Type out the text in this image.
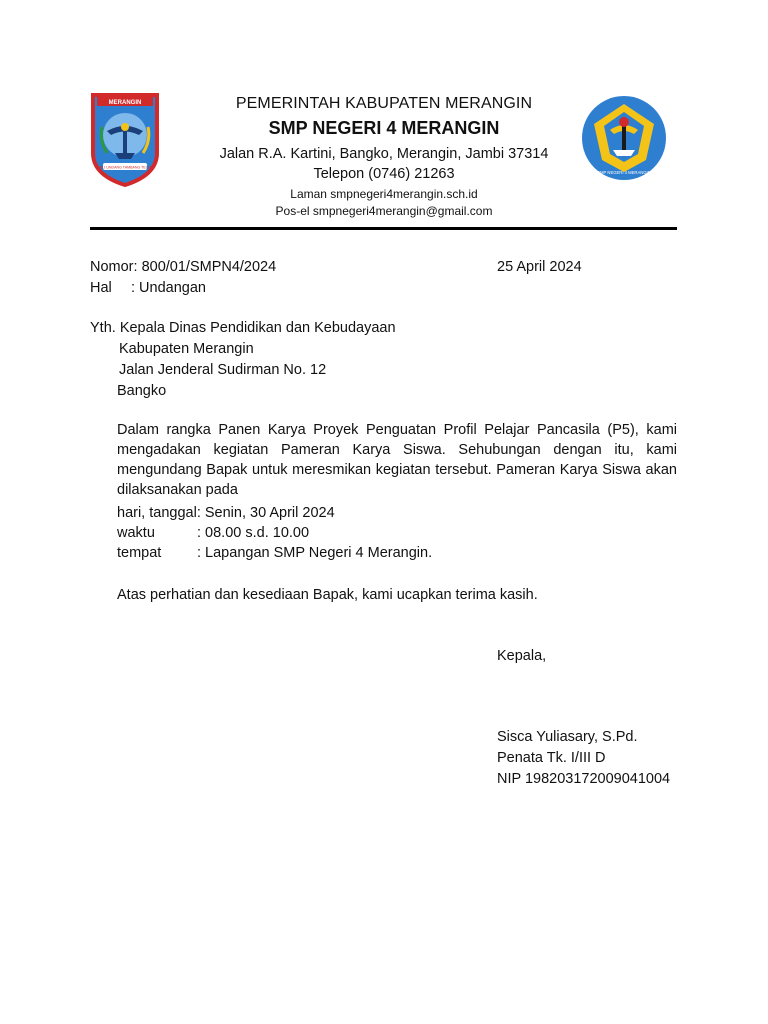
MERANGIN
TALI UNDANG TAMBANG TELITI
PEMERINTAH KABUPATEN MERANGIN
SMP NEGERI 4 MERANGIN
Jalan R.A. Kartini, Bangko, Merangin, Jambi 37314
Telepon (0746) 21263
Laman smpnegeri4merangin.sch.id
Pos-el smpnegeri4merangin@gmail.com
SMP NEGERI 4 MERANGIN
Nomor: 800/01/SMPN4/2024	25 April 2024
Hal : Undangan
Yth. Kepala Dinas Pendidikan dan Kebudayaan
Kabupaten Merangin
Jalan Jenderal Sudirman No. 12
Bangko
Dalam rangka Panen Karya Proyek Penguatan Profil Pelajar Pancasila (P5), kami mengadakan kegiatan Pameran Karya Siswa. Sehubungan dengan itu, kami mengundang Bapak untuk meresmikan kegiatan tersebut. Pameran Karya Siswa akan dilaksanakan pada
hari, tanggal: Senin, 30 April 2024
waktu	: 08.00 s.d. 10.00
tempat : Lapangan SMP Negeri 4 Merangin.
Atas perhatian dan kesediaan Bapak, kami ucapkan terima kasih.
Kepala,
Sisca Yuliasary, S.Pd.
Penata Tk. I/III D
NIP 198203172009041004
